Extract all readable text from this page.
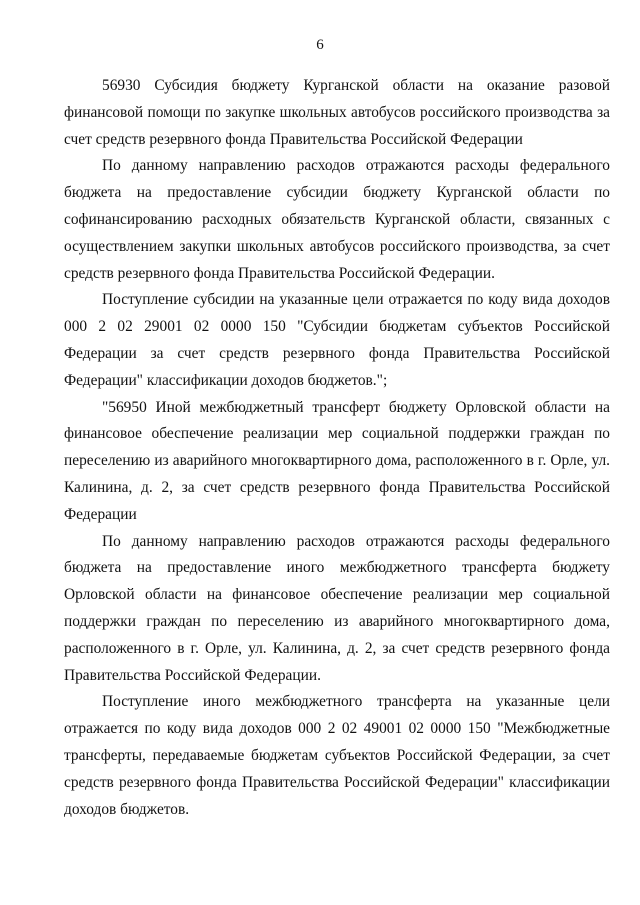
6

56930 Субсидия бюджету Курганской области на оказание разовой финансовой помощи по закупке школьных автобусов российского производства за счет средств резервного фонда Правительства Российской Федерации

По данному направлению расходов отражаются расходы федерального бюджета на предоставление субсидии бюджету Курганской области по софинансированию расходных обязательств Курганской области, связанных с осуществлением закупки школьных автобусов российского производства, за счет средств резервного фонда Правительства Российской Федерации.

Поступление субсидии на указанные цели отражается по коду вида доходов 000 2 02 29001 02 0000 150 "Субсидии бюджетам субъектов Российской Федерации за счет средств резервного фонда Правительства Российской Федерации" классификации доходов бюджетов.";

"56950 Иной межбюджетный трансферт бюджету Орловской области на финансовое обеспечение реализации мер социальной поддержки граждан по переселению из аварийного многоквартирного дома, расположенного в г. Орле, ул. Калинина, д. 2, за счет средств резервного фонда Правительства Российской Федерации

По данному направлению расходов отражаются расходы федерального бюджета на предоставление иного межбюджетного трансферта бюджету Орловской области на финансовое обеспечение реализации мер социальной поддержки граждан по переселению из аварийного многоквартирного дома, расположенного в г. Орле, ул. Калинина, д. 2, за счет средств резервного фонда Правительства Российской Федерации.

Поступление иного межбюджетного трансферта на указанные цели отражается по коду вида доходов 000 2 02 49001 02 0000 150 "Межбюджетные трансферты, передаваемые бюджетам субъектов Российской Федерации, за счет средств резервного фонда Правительства Российской Федерации" классификации доходов бюджетов.
